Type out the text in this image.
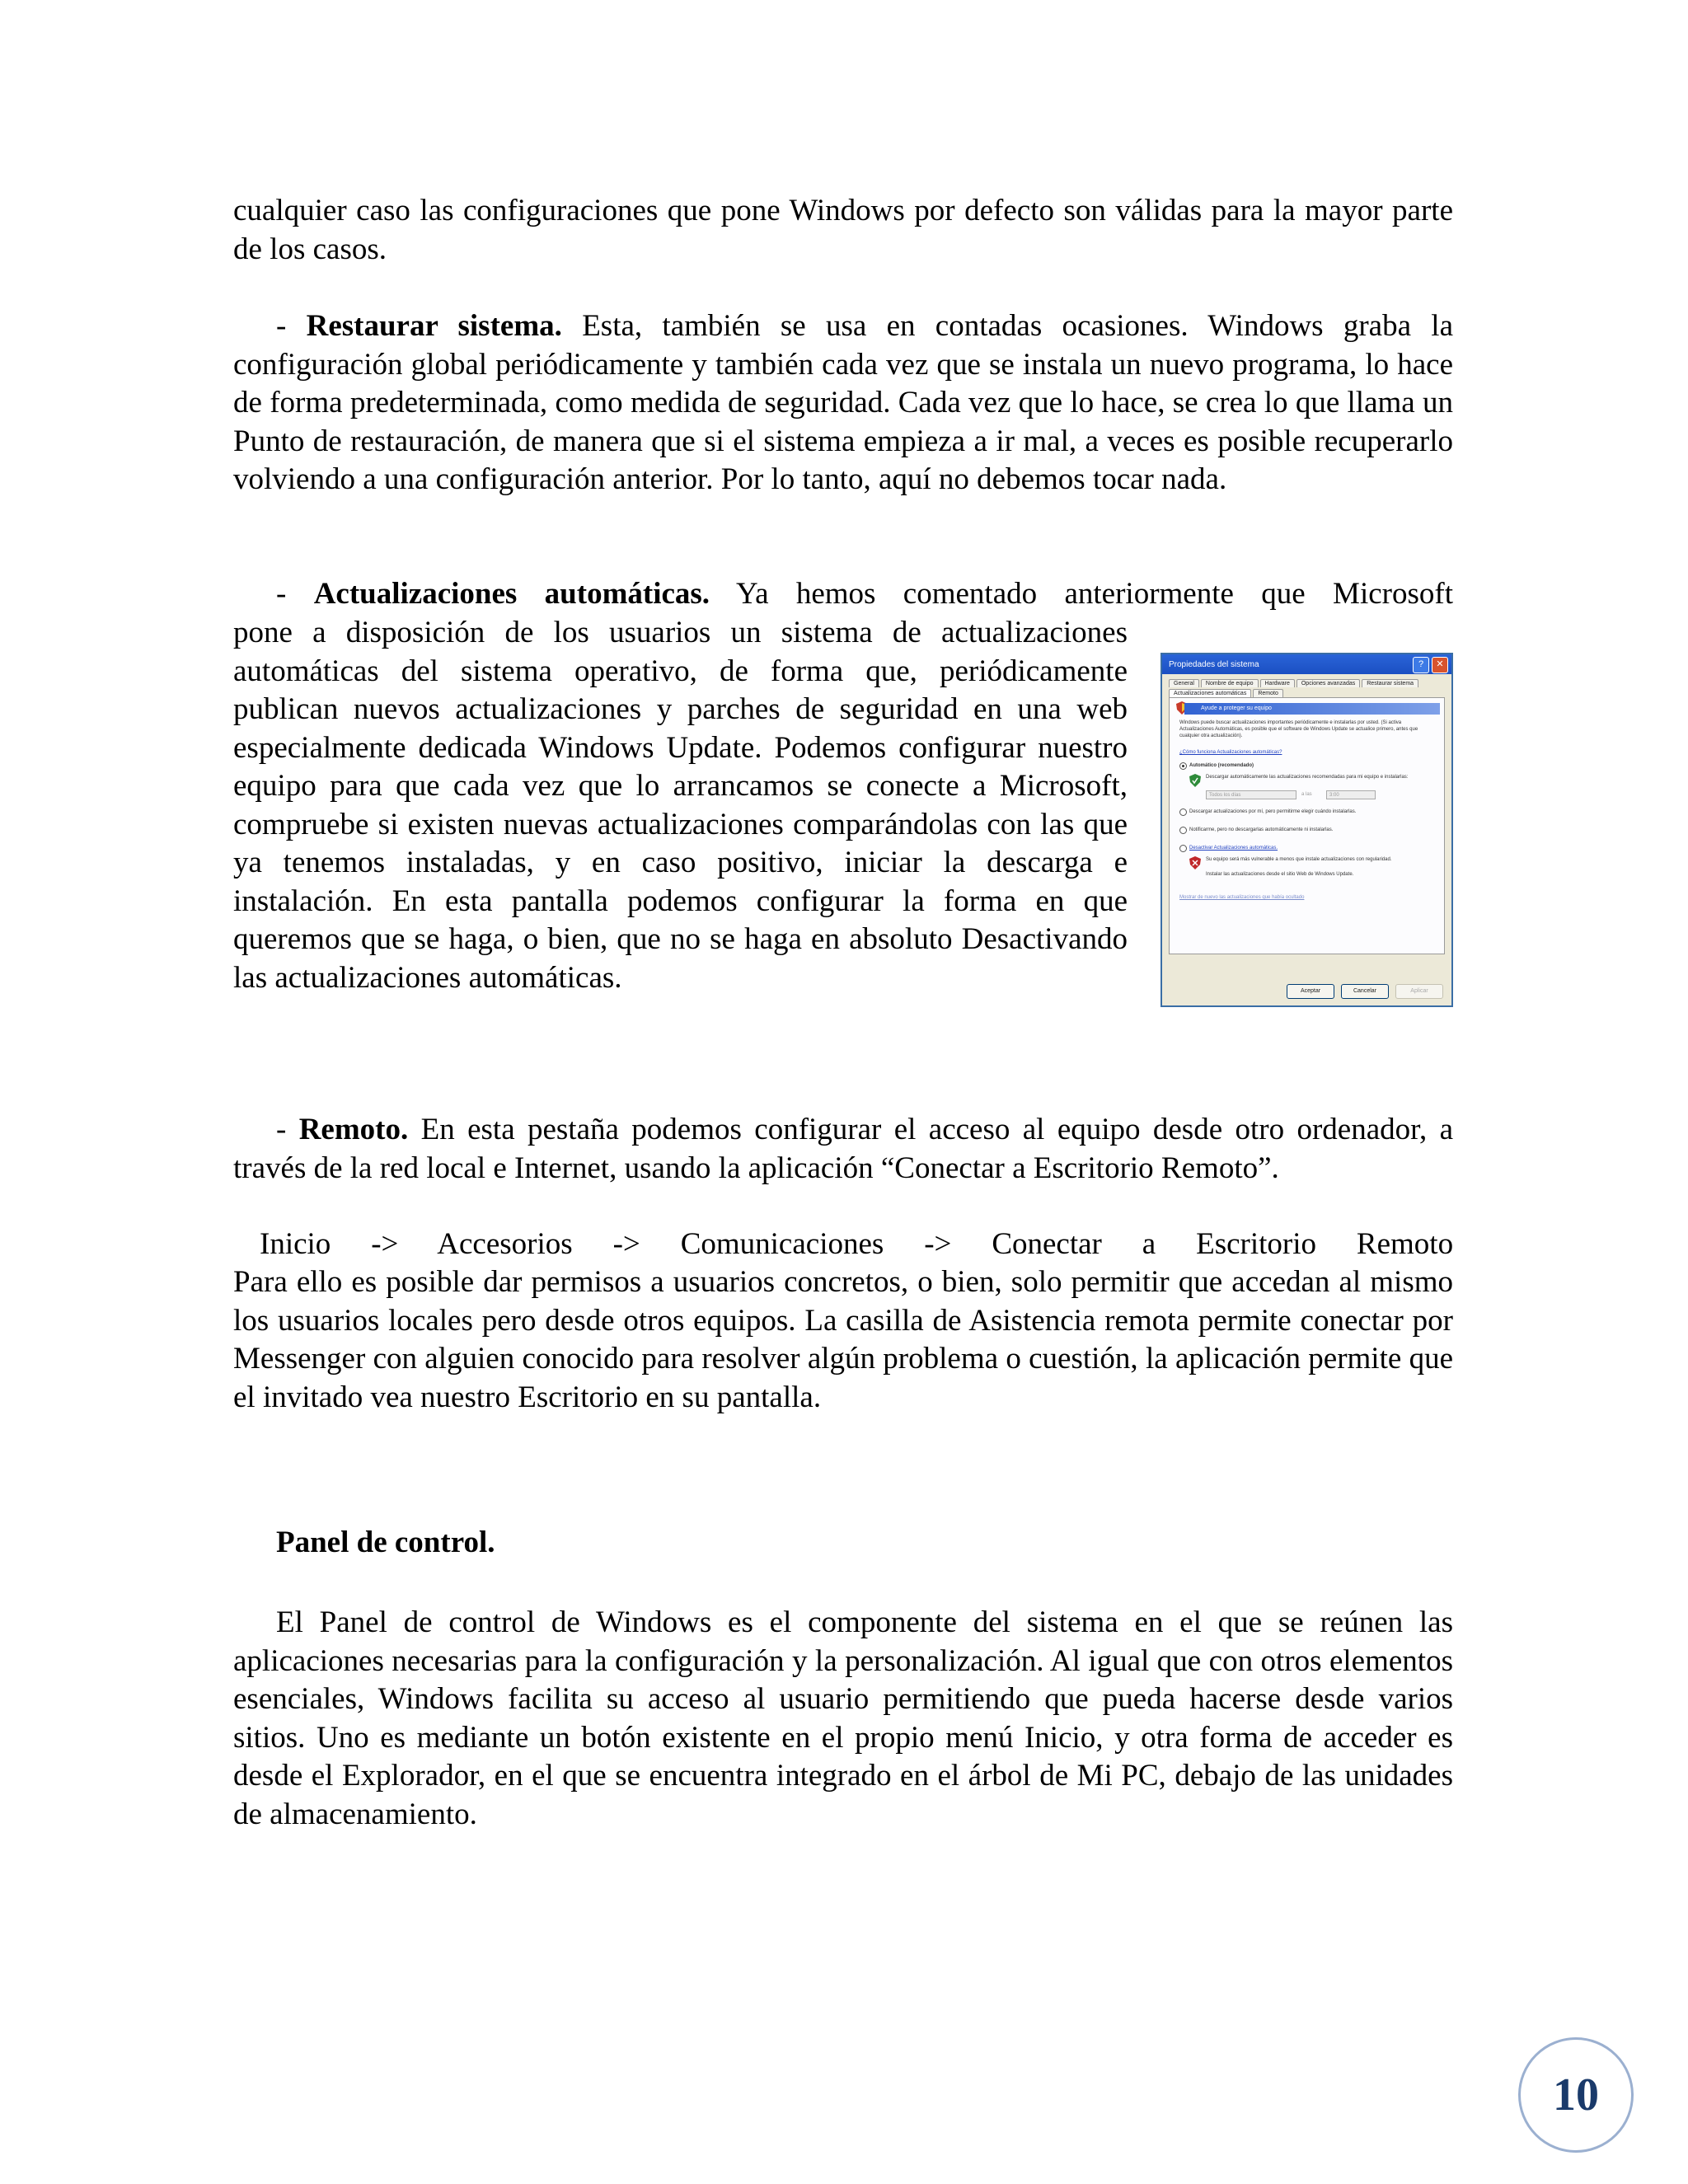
cualquier caso las configuraciones que pone Windows por defecto son válidas para la mayor parte de los casos.

- Restaurar sistema. Esta, también se usa en contadas ocasiones. Windows graba la configuración global periódicamente y también cada vez que se instala un nuevo programa, lo hace de forma predeterminada, como medida de seguridad. Cada vez que lo hace, se crea lo que llama un Punto de restauración, de manera que si el sistema empieza a ir mal, a veces es posible recuperarlo volviendo a una configuración anterior. Por lo tanto, aquí no debemos tocar nada.

- Actualizaciones automáticas. Ya hemos comentado anteriormente que Microsoft

pone a disposición de los usuarios un sistema de actualizaciones automáticas del sistema operativo, de forma que, periódicamente publican nuevos actualizaciones y parches de seguridad en una web especialmente dedicada Windows Update. Podemos configurar nuestro equipo para que cada vez que lo arrancamos se conecte a Microsoft, compruebe si existen nuevas actualizaciones comparándolas con las que ya tenemos instaladas, y en caso positivo, iniciar la descarga e instalación. En esta pantalla podemos configurar la forma en que queremos que se haga, o bien, que no se haga en absoluto Desactivando las actualizaciones automáticas.

Propiedades del sistema	?	✕
General	Nombre de equipo	Hardware	Opciones avanzadas	Restaurar sistema
Actualizaciones automáticas	Remoto
Ayude a proteger su equipo
Windows puede buscar actualizaciones importantes periódicamente e instalarlas por usted. (Si activa Actualizaciones Automáticas, es posible que el software de Windows Update se actualice primero, antes que cualquier otra actualización).
¿Cómo funciona Actualizaciones automáticas?
Automático (recomendado)
Descargar automáticamente las actualizaciones recomendadas para mi equipo e instalarlas:
Todos los días	a las	3:00
Descargar actualizaciones por mí, pero permitirme elegir cuándo instalarlas.
Notificarme, pero no descargarlas automáticamente ni instalarlas.
Desactivar Actualizaciones automáticas.
Su equipo será más vulnerable a menos que instale actualizaciones con regularidad.
Instalar las actualizaciones desde el sitio Web de Windows Update.
Mostrar de nuevo las actualizaciones que había ocultado
Aceptar	Cancelar	Aplicar

- Remoto. En esta pestaña podemos configurar el acceso al equipo desde otro ordenador, a través de la red local e Internet, usando la aplicación “Conectar a Escritorio Remoto”.

Inicio -> Accesorios -> Comunicaciones -> Conectar a Escritorio Remoto

Para ello es posible dar permisos a usuarios concretos, o bien, solo permitir que accedan al mismo los usuarios locales pero desde otros equipos. La casilla de Asistencia remota permite conectar por Messenger con alguien conocido para resolver algún problema o cuestión, la aplicación permite que el invitado vea nuestro Escritorio en su pantalla.

Panel de control.

El Panel de control de Windows es el componente del sistema en el que se reúnen las aplicaciones necesarias para la configuración y la personalización. Al igual que con otros elementos esenciales, Windows facilita su acceso al usuario permitiendo que pueda hacerse desde varios sitios. Uno es mediante un botón existente en el propio menú Inicio, y otra forma de acceder es desde el Explorador, en el que se encuentra integrado en el árbol de Mi PC, debajo de las unidades de almacenamiento.

10
